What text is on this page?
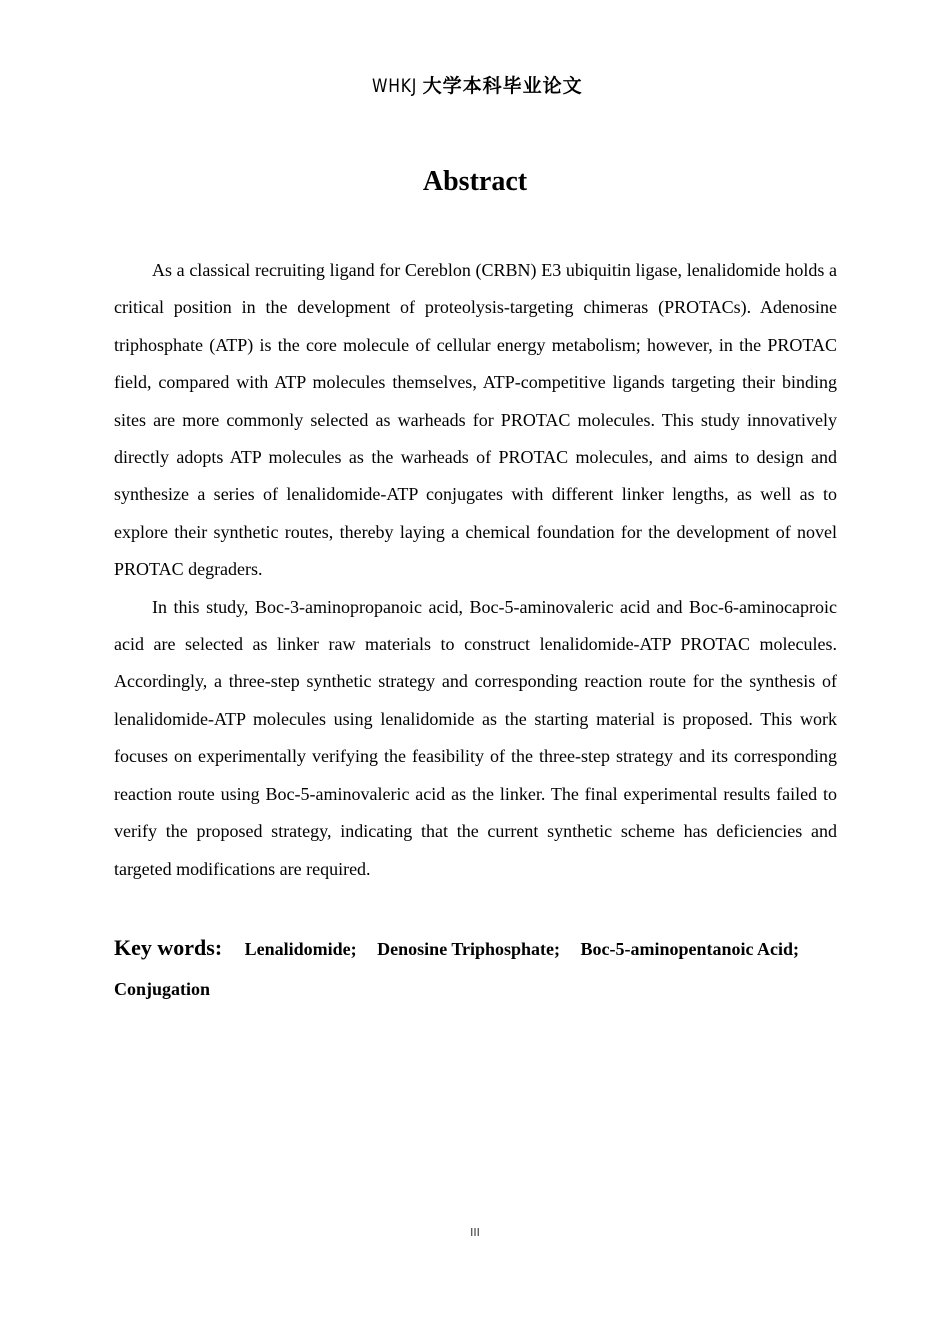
WHKJ 大学本科毕业论文
Abstract

As a classical recruiting ligand for Cereblon (CRBN) E3 ubiquitin ligase, lenalidomide holds a critical position in the development of proteolysis-targeting chimeras (PROTACs). Adenosine triphosphate (ATP) is the core molecule of cellular energy metabolism; however, in the PROTAC field, compared with ATP molecules themselves, ATP-competitive ligands targeting their binding sites are more commonly selected as warheads for PROTAC molecules. This study innovatively directly adopts ATP molecules as the warheads of PROTAC molecules, and aims to design and synthesize a series of lenalidomide-ATP conjugates with different linker lengths, as well as to explore their synthetic routes, thereby laying a chemical foundation for the development of novel PROTAC degraders.

In this study, Boc-3-aminopropanoic acid, Boc-5-aminovaleric acid and Boc-6-aminocaproic acid are selected as linker raw materials to construct lenalidomide-ATP PROTAC molecules. Accordingly, a three-step synthetic strategy and corresponding reaction route for the synthesis of lenalidomide-ATP molecules using lenalidomide as the starting material is proposed. This work focuses on experimentally verifying the feasibility of the three-step strategy and its corresponding reaction route using Boc-5-aminovaleric acid as the linker. The final experimental results failed to verify the proposed strategy, indicating that the current synthetic scheme has deficiencies and targeted modifications are required.

Key words: Lenalidomide; Denosine Triphosphate; Boc-5-aminopentanoic Acid; Conjugation
III
